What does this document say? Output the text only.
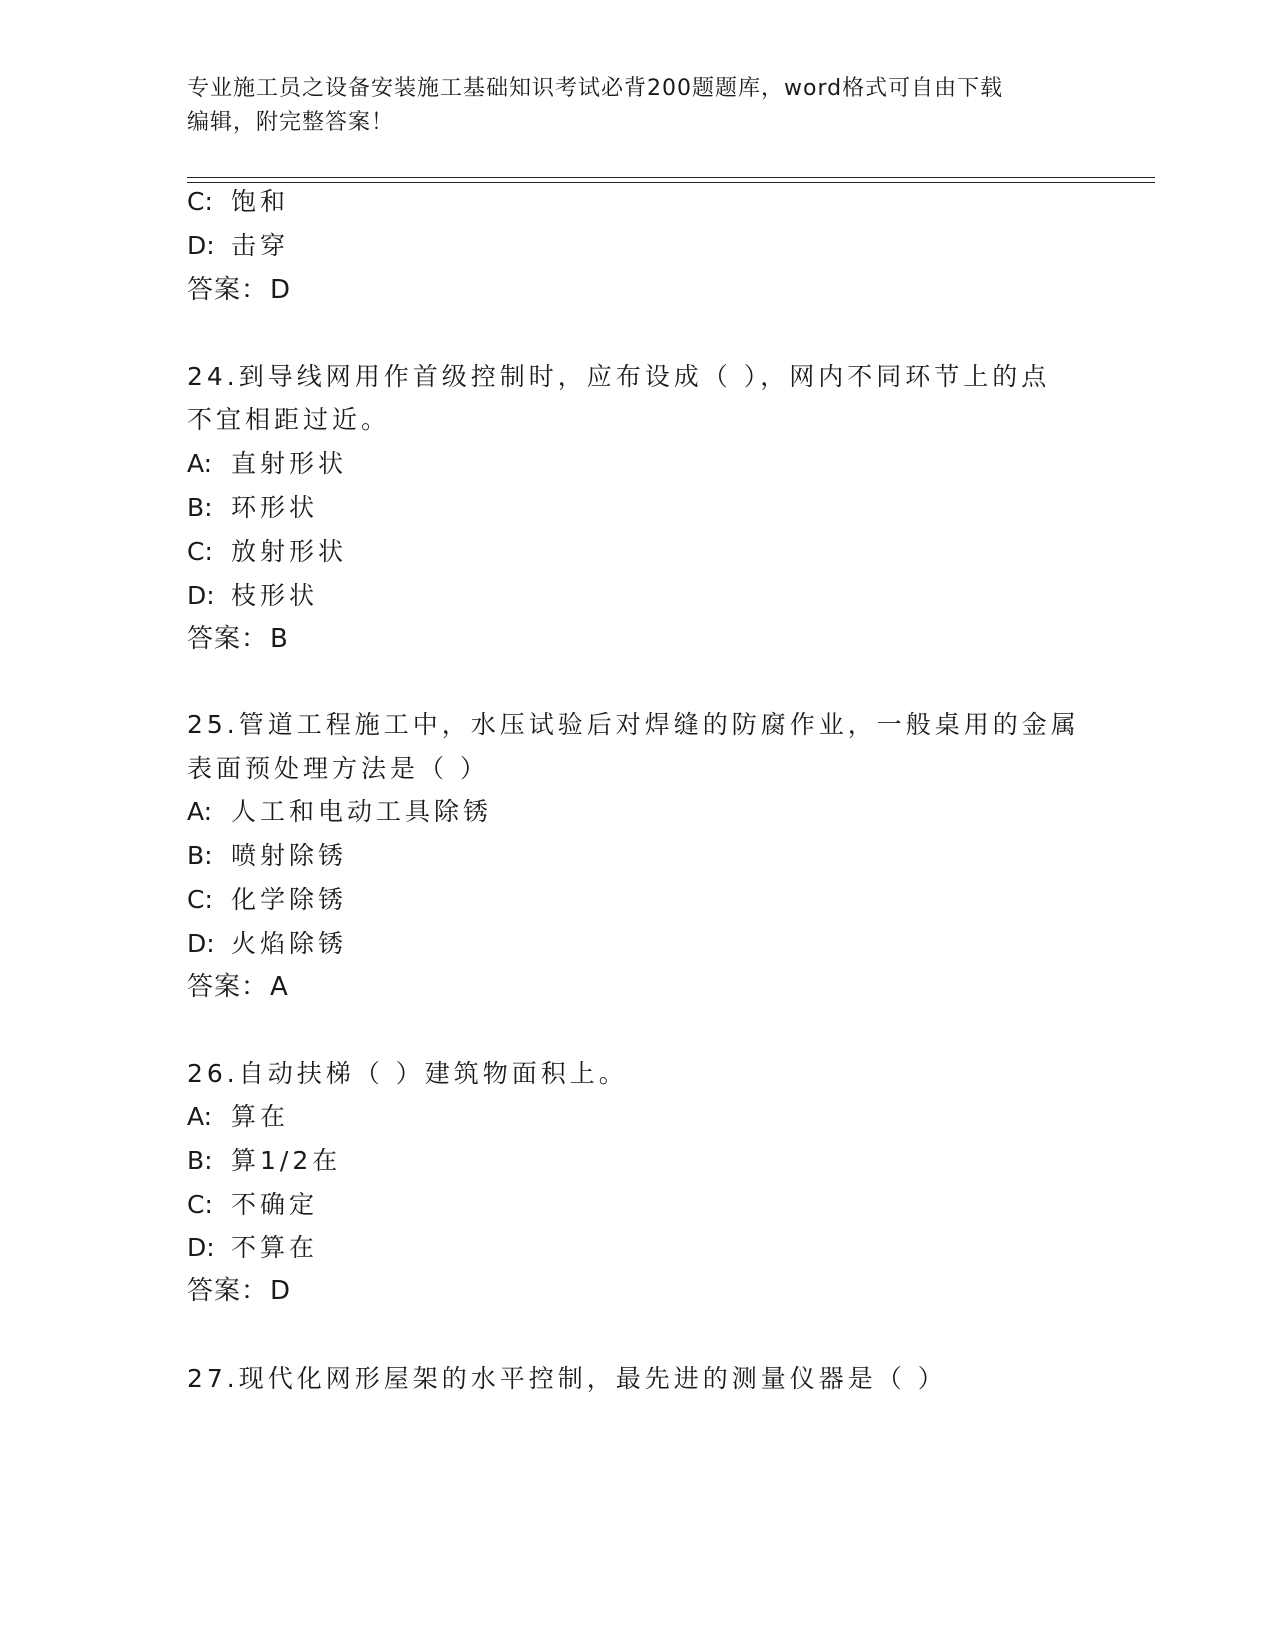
专业施工员之设备安装施工基础知识考试必背200题题库，word格式可自由下载
编辑，附完整答案！
C: 饱和
D: 击穿
答案：D
24.到导线网用作首级控制时，应布设成（ ），网内不同环节上的点
不宜相距过近。
A: 直射形状
B: 环形状
C: 放射形状
D: 枝形状
答案：B
25.管道工程施工中，水压试验后对焊缝的防腐作业，一般桌用的金属
表面预处理方法是（ ）
A: 人工和电动工具除锈
B: 喷射除锈
C: 化学除锈
D: 火焰除锈
答案：A
26.自动扶梯（ ）建筑物面积上。
A: 算在
B: 算1/2在
C: 不确定
D: 不算在
答案：D
27.现代化网形屋架的水平控制，最先进的测量仪器是（ ）
